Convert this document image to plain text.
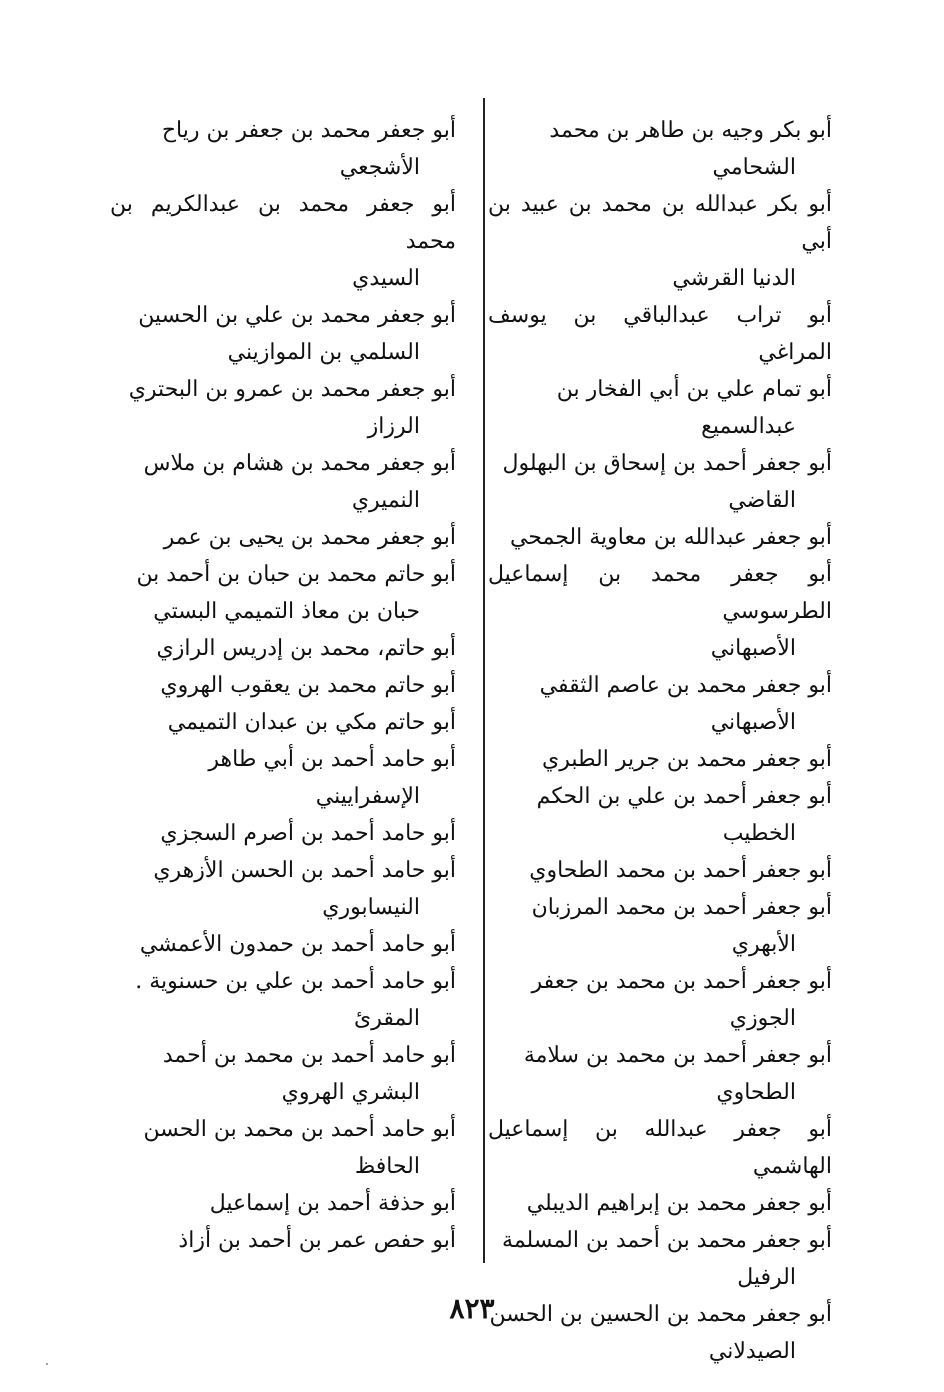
أبو بكر وجيه بن طاهر بن محمد
الشحامي
أبو بكر عبدالله بن محمد بن عبيد بن أبي
الدنيا القرشي
أبو تراب عبدالباقي بن يوسف المراغي
أبو تمام علي بن أبي الفخار بن
عبدالسميع
أبو جعفر أحمد بن إسحاق بن البهلول
القاضي
أبو جعفر عبدالله بن معاوية الجمحي
أبو جعفر محمد بن إسماعيل الطرسوسي
الأصبهاني
أبو جعفر محمد بن عاصم الثقفي
الأصبهاني
أبو جعفر محمد بن جرير الطبري
أبو جعفر أحمد بن علي بن الحكم
الخطيب
أبو جعفر أحمد بن محمد الطحاوي
أبو جعفر أحمد بن محمد المرزبان
الأبهري
أبو جعفر أحمد بن محمد بن جعفر
الجوزي
أبو جعفر أحمد بن محمد بن سلامة
الطحاوي
أبو جعفر عبدالله بن إسماعيل الهاشمي
أبو جعفر محمد بن إبراهيم الديبلي
أبو جعفر محمد بن أحمد بن المسلمة
الرفيل
أبو جعفر محمد بن الحسين بن الحسن
الصيدلاني
أبو جعفر محمد بن جعفر بن رياح
الأشجعي
أبو جعفر محمد بن عبدالكريم بن محمد
السيدي
أبو جعفر محمد بن علي بن الحسين
السلمي بن الموازيني
أبو جعفر محمد بن عمرو بن البحتري
الرزاز
أبو جعفر محمد بن هشام بن ملاس
النميري
أبو جعفر محمد بن يحيى بن عمر
أبو حاتم محمد بن حبان بن أحمد بن
حبان بن معاذ التميمي البستي
أبو حاتم، محمد بن إدريس الرازي
أبو حاتم محمد بن يعقوب الهروي
أبو حاتم مكي بن عبدان التميمي
أبو حامد أحمد بن أبي طاهر
الإسفراييني
أبو حامد أحمد بن أصرم السجزي
أبو حامد أحمد بن الحسن الأزهري
النيسابوري
أبو حامد أحمد بن حمدون الأعمشي
أبو حامد أحمد بن علي بن حسنوية .
المقرئ
أبو حامد أحمد بن محمد بن أحمد
البشري الهروي
أبو حامد أحمد بن محمد بن الحسن
الحافظ
أبو حذفة أحمد بن إسماعيل
أبو حفص عمر بن أحمد بن أزاذ
٨٢٣
